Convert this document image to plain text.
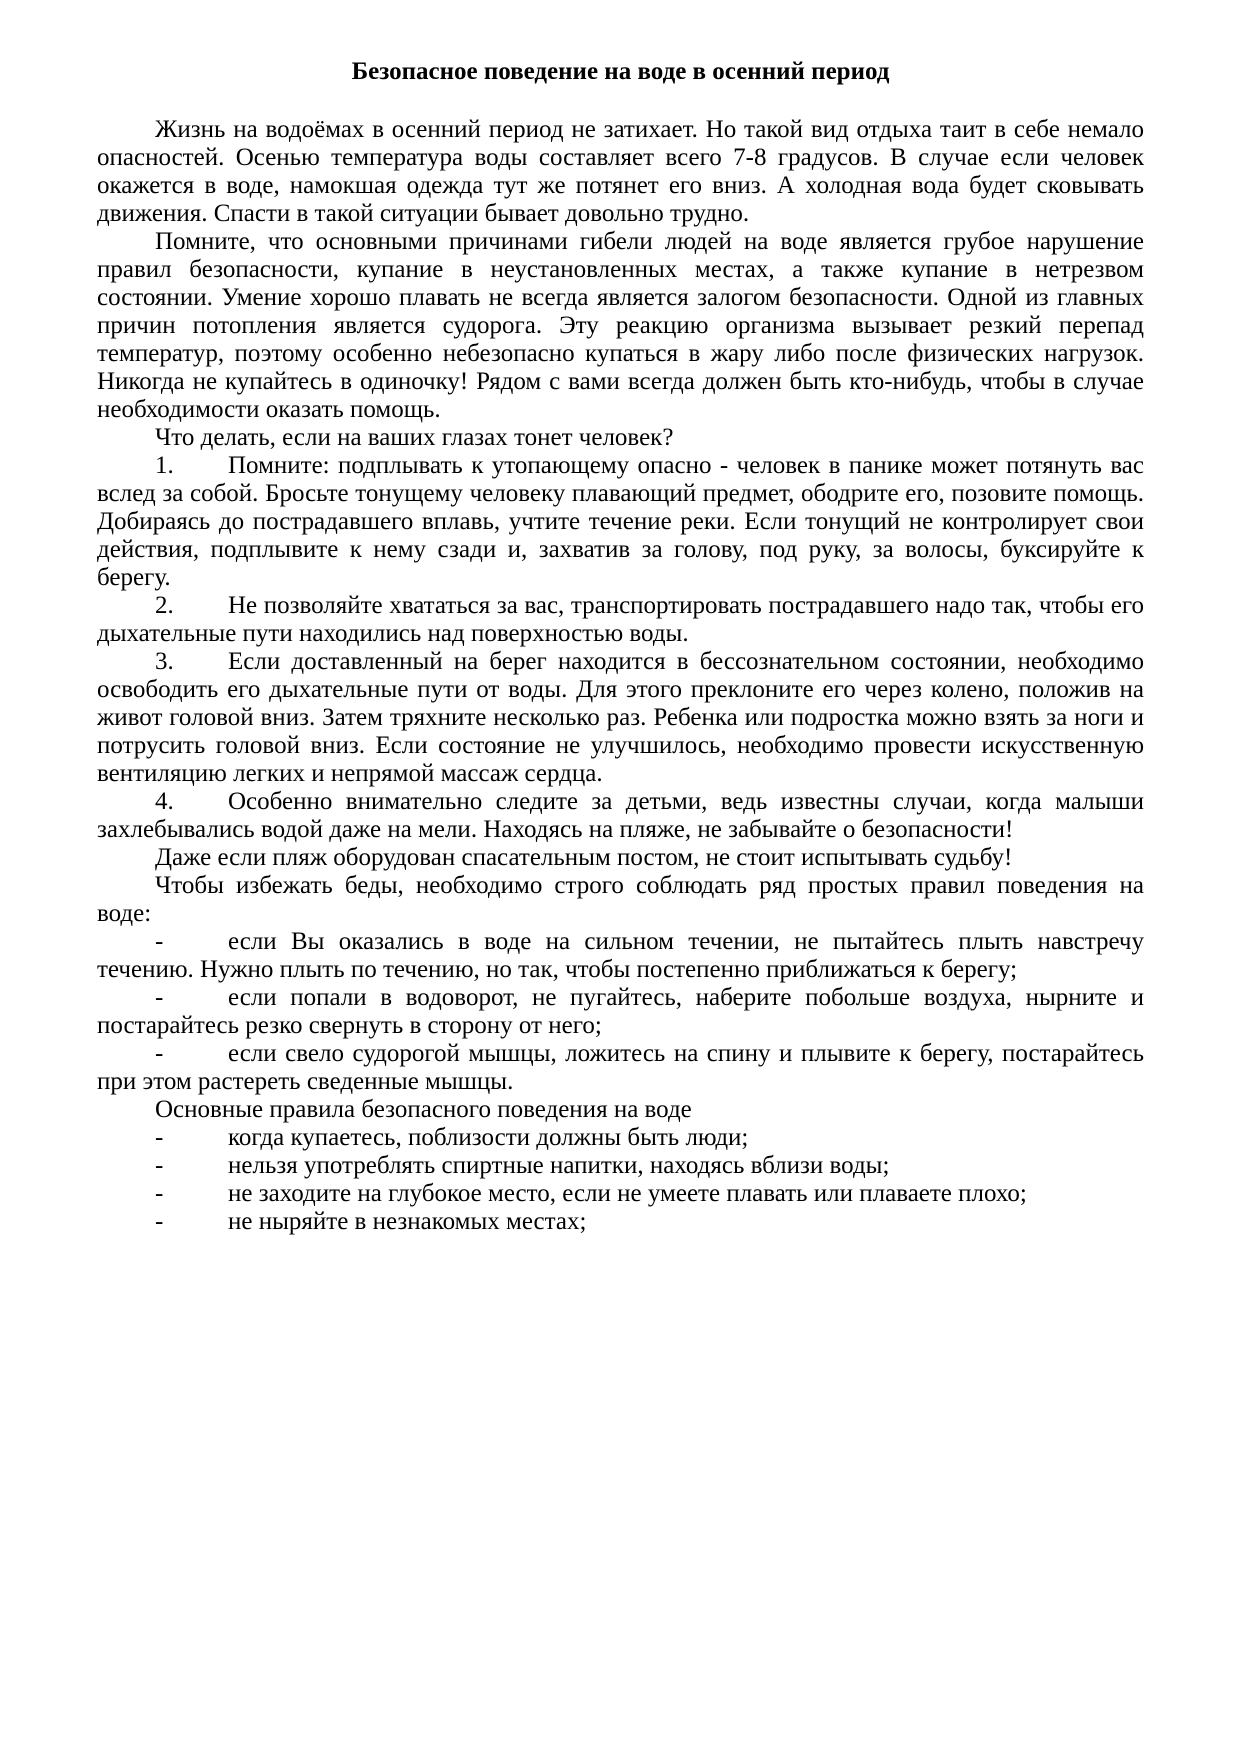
Безопасное поведение на воде в осенний период

Жизнь на водоёмах в осенний период не затихает. Но такой вид отдыха таит в себе немало опасностей. Осенью температура воды составляет всего 7-8 градусов. В случае если человек окажется в воде, намокшая одежда тут же потянет его вниз. А холодная вода будет сковывать движения. Спасти в такой ситуации бывает довольно трудно.

Помните, что основными причинами гибели людей на воде является грубое нарушение правил безопасности, купание в неустановленных местах, а также купание в нетрезвом состоянии. Умение хорошо плавать не всегда является залогом безопасности. Одной из главных причин потопления является судорога. Эту реакцию организма вызывает резкий перепад температур, поэтому особенно небезопасно купаться в жару либо после физических нагрузок. Никогда не купайтесь в одиночку! Рядом с вами всегда должен быть кто-нибудь, чтобы в случае необходимости оказать помощь.

Что делать, если на ваших глазах тонет человек?

1. Помните: подплывать к утопающему опасно - человек в панике может потянуть вас вслед за собой. Бросьте тонущему человеку плавающий предмет, ободрите его, позовите помощь. Добираясь до пострадавшего вплавь, учтите течение реки. Если тонущий не контролирует свои действия, подплывите к нему сзади и, захватив за голову, под руку, за волосы, буксируйте к берегу.

2. Не позволяйте хвататься за вас, транспортировать пострадавшего надо так, чтобы его дыхательные пути находились над поверхностью воды.

3. Если доставленный на берег находится в бессознательном состоянии, необходимо освободить его дыхательные пути от воды. Для этого преклоните его через колено, положив на живот головой вниз. Затем тряхните несколько раз. Ребенка или подростка можно взять за ноги и потрусить головой вниз. Если состояние не улучшилось, необходимо провести искусственную вентиляцию легких и непрямой массаж сердца.

4. Особенно внимательно следите за детьми, ведь известны случаи, когда малыши захлебывались водой даже на мели. Находясь на пляже, не забывайте о безопасности!

Даже если пляж оборудован спасательным постом, не стоит испытывать судьбу!

Чтобы избежать беды, необходимо строго соблюдать ряд простых правил поведения на воде:

-	если Вы оказались в воде на сильном течении, не пытайтесь плыть навстречу течению. Нужно плыть по течению, но так, чтобы постепенно приближаться к берегу;

-	если попали в водоворот, не пугайтесь, наберите побольше воздуха, нырните и постарайтесь резко свернуть в сторону от него;

-	если свело судорогой мышцы, ложитесь на спину и плывите к берегу, постарайтесь при этом растереть сведенные мышцы.

Основные правила безопасного поведения на воде

-	когда купаетесь, поблизости должны быть люди;

-	нельзя употреблять спиртные напитки, находясь вблизи воды;

-	не заходите на глубокое место, если не умеете плавать или плаваете плохо;

-	не ныряйте в незнакомых местах;
